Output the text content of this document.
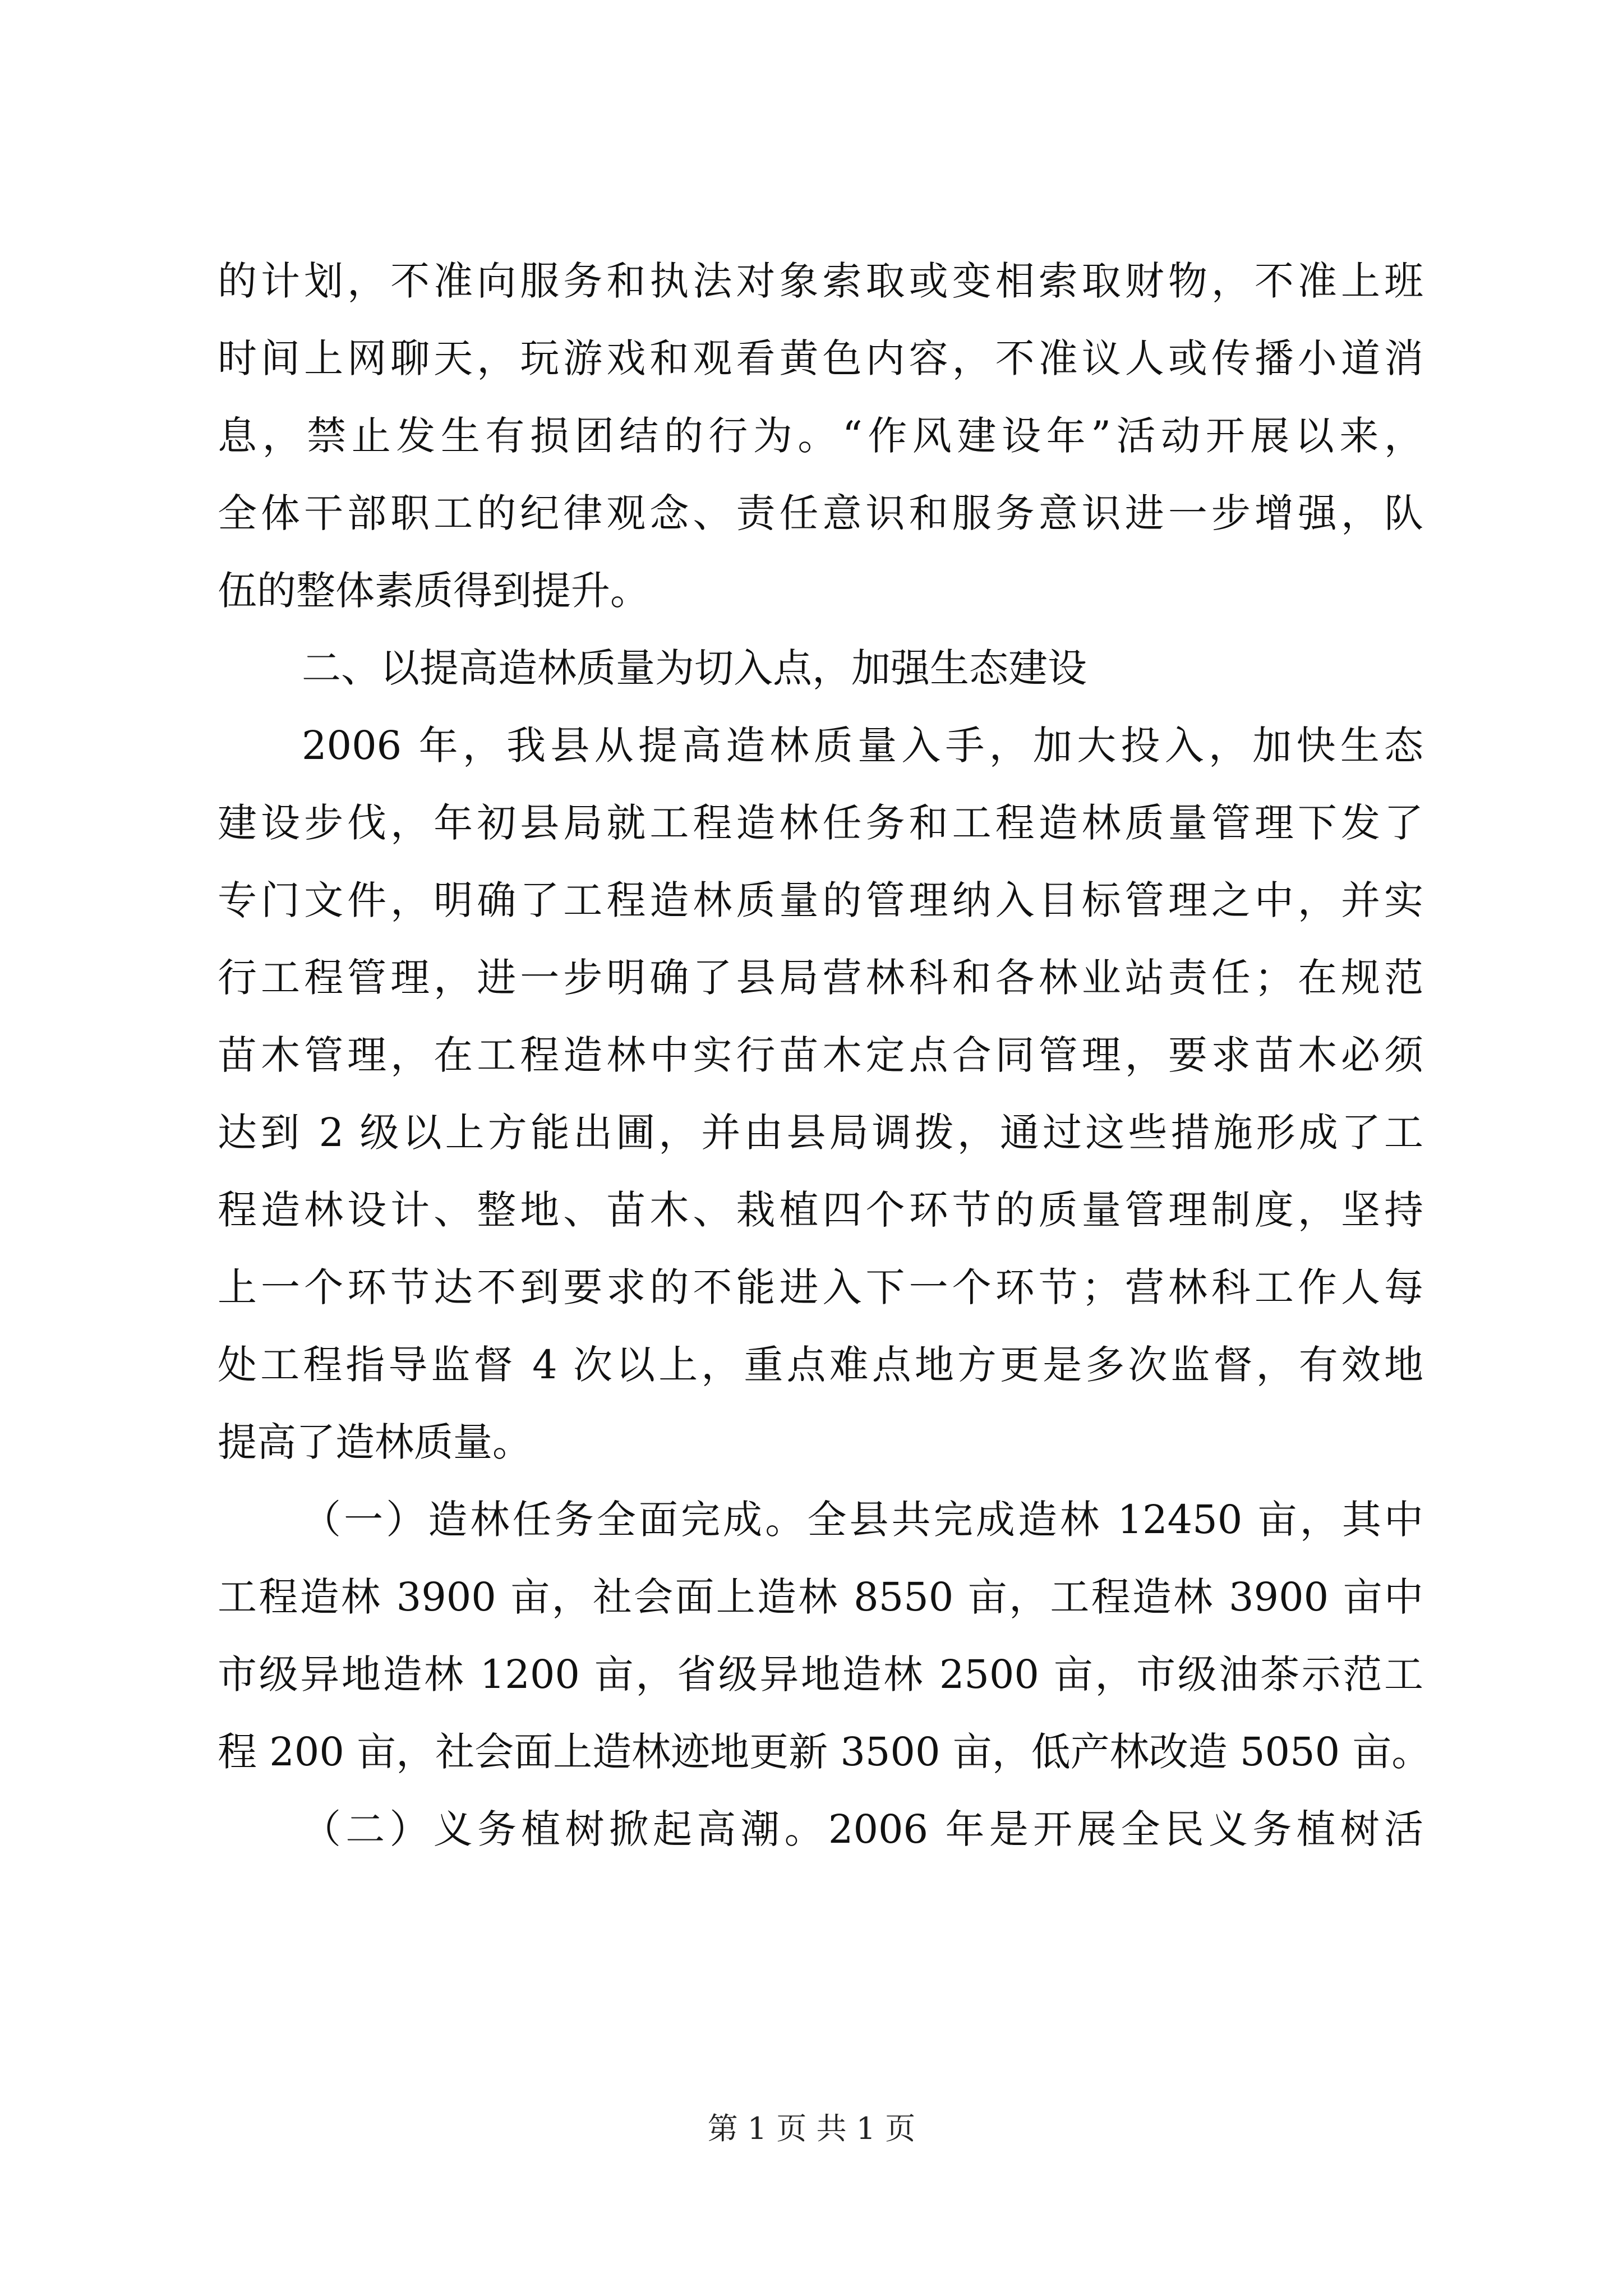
的计划，不准向服务和执法对象索取或变相索取财物，不准上班
时间上网聊天，玩游戏和观看黄色内容，不准议人或传播小道消
息，禁止发生有损团结的行为。“作风建设年”活动开展以来，
全体干部职工的纪律观念、责任意识和服务意识进一步增强，队
伍的整体素质得到提升。
二、以提高造林质量为切入点，加强生态建设
2006 年，我县从提高造林质量入手，加大投入，加快生态
建设步伐，年初县局就工程造林任务和工程造林质量管理下发了
专门文件，明确了工程造林质量的管理纳入目标管理之中，并实
行工程管理，进一步明确了县局营林科和各林业站责任；在规范
苗木管理，在工程造林中实行苗木定点合同管理，要求苗木必须
达到 2 级以上方能出圃，并由县局调拨，通过这些措施形成了工
程造林设计、整地、苗木、栽植四个环节的质量管理制度，坚持
上一个环节达不到要求的不能进入下一个环节；营林科工作人每
处工程指导监督 4 次以上，重点难点地方更是多次监督，有效地
提高了造林质量。
（一）造林任务全面完成。全县共完成造林 12450 亩，其中
工程造林 3900 亩，社会面上造林 8550 亩，工程造林 3900 亩中
市级异地造林 1200 亩，省级异地造林 2500 亩，市级油茶示范工
程 200 亩，社会面上造林迹地更新 3500 亩，低产林改造 5050 亩。
（二）义务植树掀起高潮。2006 年是开展全民义务植树活
第 1 页 共 1 页
